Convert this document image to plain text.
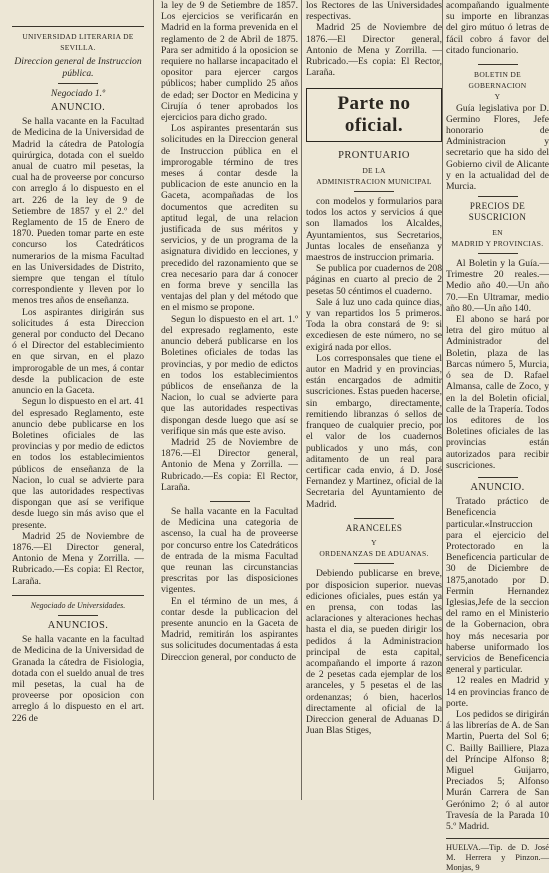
UNIVERSIDAD LITERARIA DE

SEVILLA.

Direccion general de Instruccion

pública.

Negociado 1.º

ANUNCIO.

Se halla vacante en la Facultad de Medicina de la Universidad de Madrid la cátedra de Patología quirúrgica, dotada con el sueldo anual de cuatro mil pesetas, la cual ha de proveerse por concurso con arreglo á lo dispuesto en el art. 226 de la ley de 9 de Setiembre de 1857 y el 2.º del Reglamento de 15 de Enero de 1870. Pueden tomar parte en este concurso los Catedráticos numerarios de la misma Facultad en las Universidades de Distrito, siempre que tengan el título correspondiente y lleven por lo menos tres años de enseñanza.

Los aspirantes dirigirán sus solicitudes á esta Direccion general por conducto del Decano ó el Director del establecimiento en que sirvan, en el plazo improrogable de un mes, á contar desde la publicacion de este anuncio en la Gaceta.

Segun lo dispuesto en el art. 41 del espresado Reglamento, este anuncio debe publicarse en los Boletines oficiales de las provincias y por medio de edictos en todos los establecimientos públicos de enseñanza de la Nacion, lo cual se advierte para que las autoridades respectivas dispongan que así se verifique desde luego sin más aviso que el presente.

Madrid 25 de Noviembre de 1876.—El Director general, Antonio de Mena y Zorrilla. —Rubricado.—Es copia: El Rector, Laraña.

Negociado de Universidades.

ANUNCIOS.

Se halla vacante en la facultad de Medicina de la Universidad de Granada la cátedra de Fisiologia, dotada con el sueldo anual de tres mil pesetas, la cual ha de proveerse por oposicion con arreglo á lo dispuesto en el art. 226 de

la ley de 9 de Setiembre de 1857. Los ejercicios se verificarán en Madrid en la forma prevenida en el reglamento de 2 de Abril de 1875. Para ser admitido á la oposicion se requiere no hallarse incapacitado el opositor para ejercer cargos públicos; haber cumplido 25 años de edad; ser Doctor en Medicina y Cirujía ó tener aprobados los ejercicios para dicho grado.

Los aspirantes presentarán sus solicitudes en la Direccion general de Instruccion pública en el improrogable término de tres meses á contar desde la publicacion de este anuncio en la Gaceta, acompañadas de los documentos que acrediten su aptitud legal, de una relacion justificada de sus méritos y servicios, y de un programa de la asignatura dividido en lecciones, y precedido del razonamiento que se crea necesario para dar á conocer en forma breve y sencilla las ventajas del plan y del método que en el mismo se propone.

Segun lo dispuesto en el art. 1.º del expresado reglamento, este anuncio deberá publicarse en los Boletines oficiales de todas las provincias, y por medio de edictos en todos los establecimientos públicos de enseñanza de la Nacion, lo cual se advierte para que las autoridades respectivas dispongan desde luego que así se verifique sin más que este aviso.

Madrid 25 de Noviembre de 1876.—El Director general, Antonio de Mena y Zorrilla. —Rubricado.—Es copia: El Rector, Laraña.

Se halla vacante en la Facultad de Medicina una categoria de ascenso, la cual ha de proveerse por concurso entre los Catedráticos de entrada de la misma Facultad que reunan las circunstancias prescritas por las disposiciones vigentes.

En el término de un mes, á contar desde la publicacion del presente anuncio en la Gaceta de Madrid, remitirán los aspirantes sus solicitudes documentadas á esta Direccion general, por conducto de

los Rectores de las Universidades respectivas.

Madrid 25 de Noviembre de 1876.—El Director general, Antonio de Mena y Zorrilla. —Rubricado.—Es copia: El Rector, Laraña.

Parte no oficial.

PRONTUARIO

DE LA

ADMINISTRACION MUNICIPAL

con modelos y formularios para todos los actos y servicios á que son llamados los Alcaldes, Ayuntamientos, sus Secretarios, Juntas locales de enseñanza y maestros de instruccion primaria.

Se publica por cuadernos de 208 páginas en cuarto al precio de 2 pesetas 50 céntimos el cuaderno.

Sale á luz uno cada quince dias, y van repartidos los 5 primeros. Toda la obra constará de 9: si excediesen de este número, no se exigirá nada por ellos.

Los corresponsales que tiene el autor en Madrid y en provincias, están encargados de admitir suscriciones. Estas pueden hacerse, sin embargo, directamente, remitiendo libranzas ó sellos de franqueo de cualquier precio, por el valor de los cuadernos publicados y uno más, con aditamento de un real para certificar cada envio, á D. José Fernandez y Martinez, oficial de la Secretaria del Ayuntamiento de Madrid.

ARANCELES

Y

ORDENANZAS DE ADUANAS.

Debiendo publicarse en breve, por disposicion superior. nuevas ediciones oficiales, pues están ya en prensa, con todas las aclaraciones y alteraciones hechas hasta el dia, se pueden dirigir los pedidos á la Administracion principal de esta capital, acompañando el importe á razon de 2 pesetas cada ejemplar de los aranceles, y 5 pesetas el de las ordenanzas; ó bien, hacerlos directamente al oficial de la Direccion general de Aduanas D. Juan Blas Stiges,

acompañando igualmente su importe en libranzas del giro mútuo ó letras de fácil cobro á favor del citado funcionario.

BOLETIN DE GOBERNACION

Y

Guía legislativa por D. Germino Flores, Jefe honorario de Administracion y secretario que ha sido del Gobierno civil de Alicante y en la actualidad del de Murcia.

PRECIOS DE SUSCRICION

EN

MADRID Y PROVINCIAS.

Al Boletin y la Guía.—Trimestre 20 reales.—Medio año 40.—Un año 70.—En Ultramar, medio año 80.—Un año 140.

El abono se hará por letra del giro mútuo al Administrador del Boletin, plaza de las Barcas número 5, Murcia, ó sea de D. Rafael Almansa, calle de Zoco, y en la del Boletin oficial, calle de la Trapería. Todos los editores de los Boletines oficiales de las provincias están autorizados para recibir suscriciones.

ANUNCIO.

Tratado práctico de Beneficencia particular.«Instruccion para el ejercicio del Protectorado en la Beneficencia particular de 30 de Diciembre de 1875,anotado por D. Fermin Hernandez Iglesias,Jefe de la seccion del ramo en el Ministerio de la Gobernacion, obra hoy más necesaria por haberse uniformado los servicios de Beneficencia general y particular.

12 reales en Madrid y 14 en provincias franco de porte.

Los pedidos se dirigirán á las librerías de A. de San Martin, Puerta del Sol 6; C. Bailly Bailliere, Plaza del Príncipe Alfonso 8; Miguel Guijarro, Preciados 5; Alfonso Murán Carrera de San Gerónimo 2; ó al autor Travesía de la Parada 10 5.º Madrid.

HUELVA.—Tip. de D. José M. Herrera y Pinzon.—Monjas, 9
